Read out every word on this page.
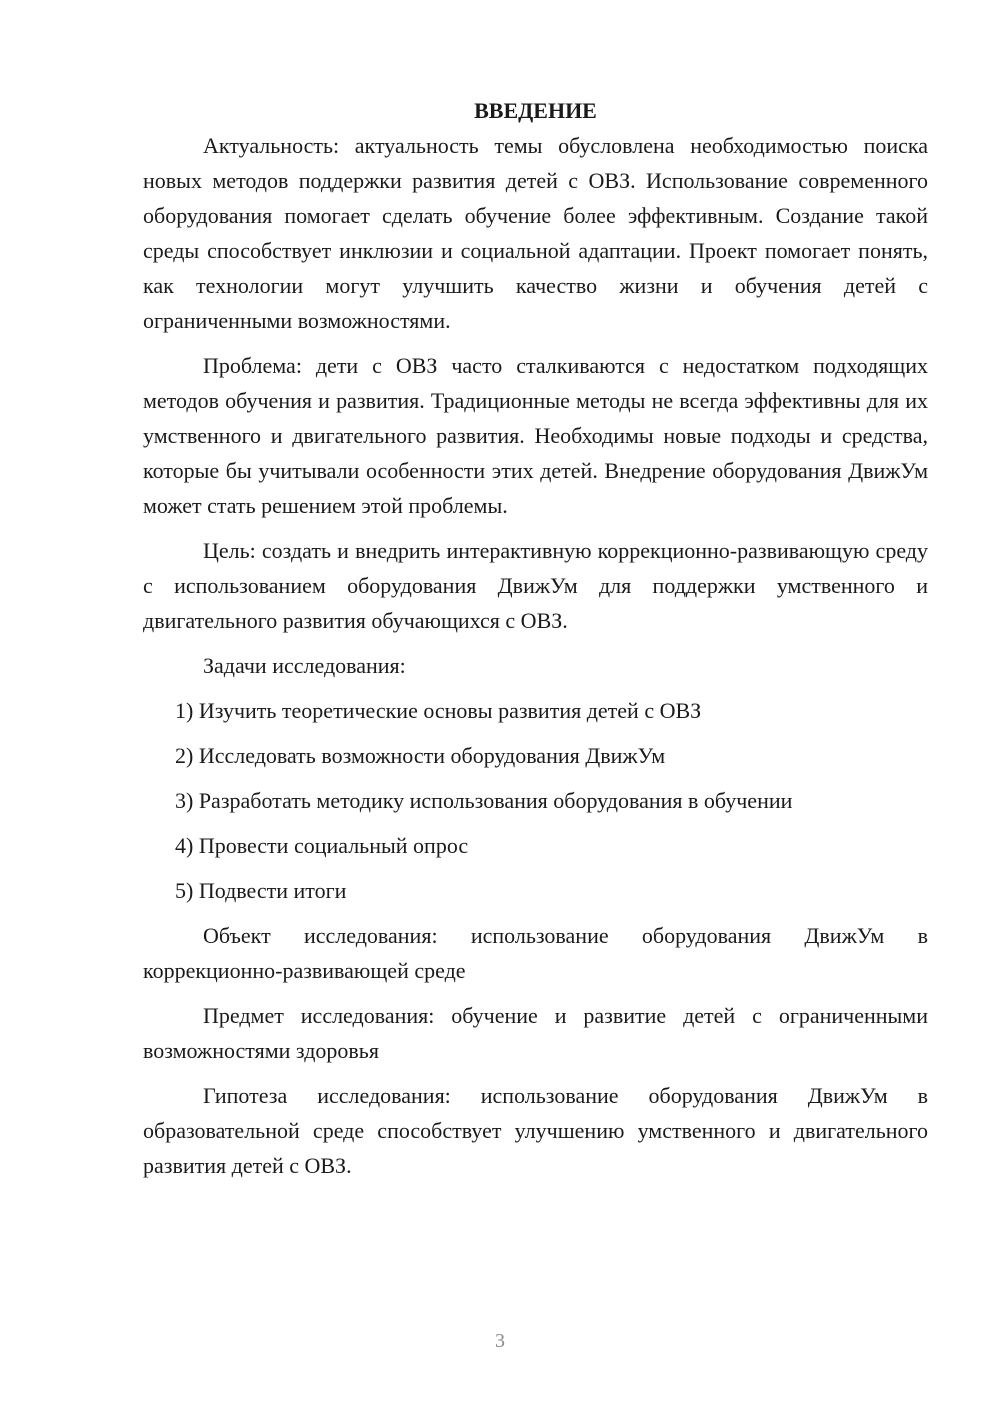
ВВЕДЕНИЕ

Актуальность: актуальность темы обусловлена необходимостью поиска новых методов поддержки развития детей с ОВЗ. Использование современного оборудования помогает сделать обучение более эффективным. Создание такой среды способствует инклюзии и социальной адаптации. Проект помогает понять, как технологии могут улучшить качество жизни и обучения детей с ограниченными возможностями.

Проблема: дети с ОВЗ часто сталкиваются с недостатком подходящих методов обучения и развития. Традиционные методы не всегда эффективны для их умственного и двигательного развития. Необходимы новые подходы и средства, которые бы учитывали особенности этих детей. Внедрение оборудования ДвижУм может стать решением этой проблемы.

Цель: создать и внедрить интерактивную коррекционно-развивающую среду с использованием оборудования ДвижУм для поддержки умственного и двигательного развития обучающихся с ОВЗ.

Задачи исследования:

1) Изучить теоретические основы развития детей с ОВЗ
2) Исследовать возможности оборудования ДвижУм
3) Разработать методику использования оборудования в обучении
4) Провести социальный опрос
5) Подвести итоги

Объект исследования: использование оборудования ДвижУм в коррекционно-развивающей среде

Предмет исследования: обучение и развитие детей с ограниченными возможностями здоровья

Гипотеза исследования: использование оборудования ДвижУм в образовательной среде способствует улучшению умственного и двигательного развития детей с ОВЗ.

3
